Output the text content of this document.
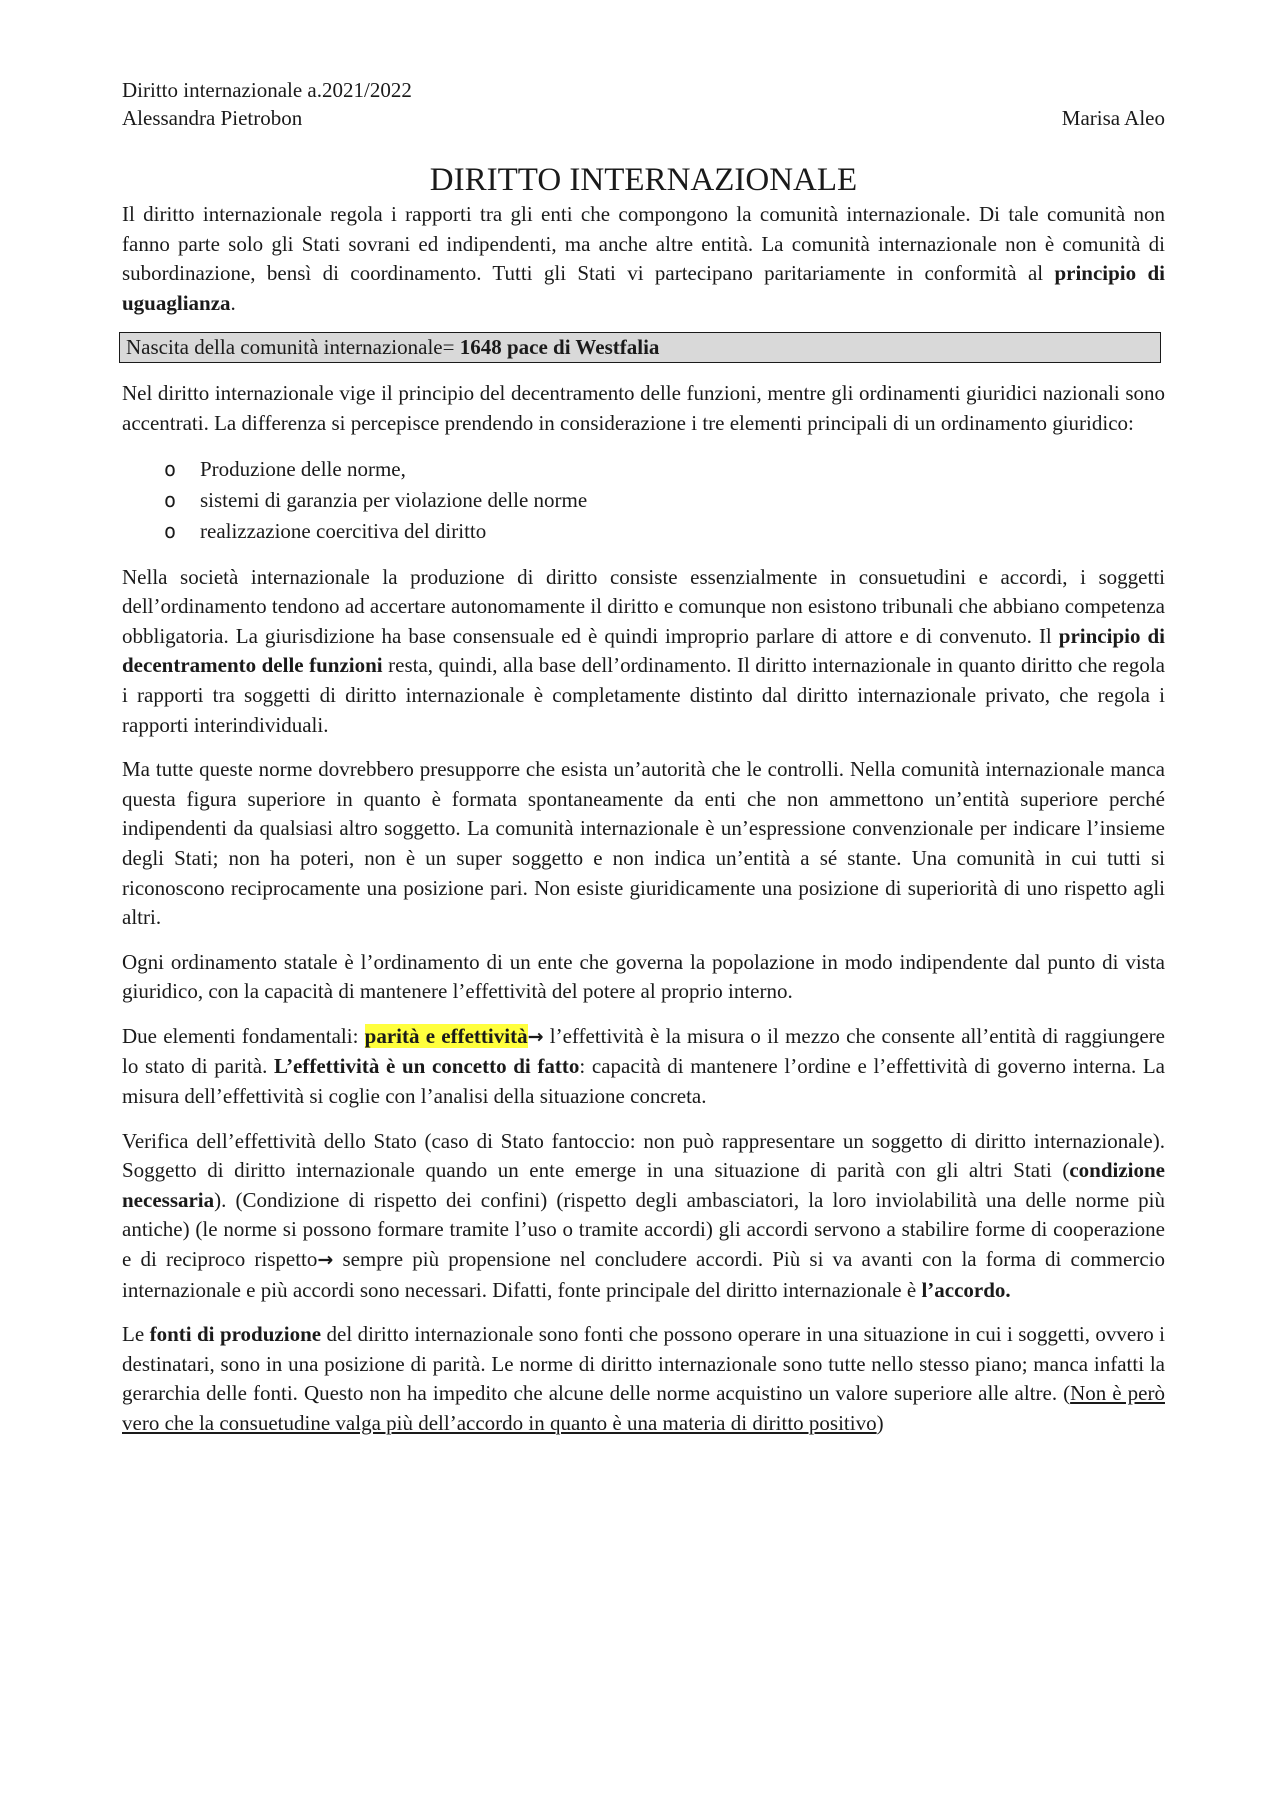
Diritto internazionale a.2021/2022
Alessandra Pietrobon	Marisa Aleo
DIRITTO INTERNAZIONALE

Il diritto internazionale regola i rapporti tra gli enti che compongono la comunità internazionale. Di tale comunità non fanno parte solo gli Stati sovrani ed indipendenti, ma anche altre entità. La comunità internazionale non è comunità di subordinazione, bensì di coordinamento. Tutti gli Stati vi partecipano paritariamente in conformità al principio di uguaglianza.

Nascita della comunità internazionale= 1648 pace di Westfalia

Nel diritto internazionale vige il principio del decentramento delle funzioni, mentre gli ordinamenti giuridici nazionali sono accentrati. La differenza si percepisce prendendo in considerazione i tre elementi principali di un ordinamento giuridico:

o Produzione delle norme,
o sistemi di garanzia per violazione delle norme
o realizzazione coercitiva del diritto

Nella società internazionale la produzione di diritto consiste essenzialmente in consuetudini e accordi, i soggetti dell’ordinamento tendono ad accertare autonomamente il diritto e comunque non esistono tribunali che abbiano competenza obbligatoria. La giurisdizione ha base consensuale ed è quindi improprio parlare di attore e di convenuto. Il principio di decentramento delle funzioni resta, quindi, alla base dell’ordinamento. Il diritto internazionale in quanto diritto che regola i rapporti tra soggetti di diritto internazionale è completamente distinto dal diritto internazionale privato, che regola i rapporti interindividuali.

Ma tutte queste norme dovrebbero presupporre che esista un’autorità che le controlli. Nella comunità internazionale manca questa figura superiore in quanto è formata spontaneamente da enti che non ammettono un’entità superiore perché indipendenti da qualsiasi altro soggetto. La comunità internazionale è un’espressione convenzionale per indicare l’insieme degli Stati; non ha poteri, non è un super soggetto e non indica un’entità a sé stante. Una comunità in cui tutti si riconoscono reciprocamente una posizione pari. Non esiste giuridicamente una posizione di superiorità di uno rispetto agli altri.

Ogni ordinamento statale è l’ordinamento di un ente che governa la popolazione in modo indipendente dal punto di vista giuridico, con la capacità di mantenere l’effettività del potere al proprio interno.

Due elementi fondamentali: parità e effettività→ l’effettività è la misura o il mezzo che consente all’entità di raggiungere lo stato di parità. L’effettività è un concetto di fatto: capacità di mantenere l’ordine e l’effettività di governo interna. La misura dell’effettività si coglie con l’analisi della situazione concreta.

Verifica dell’effettività dello Stato (caso di Stato fantoccio: non può rappresentare un soggetto di diritto internazionale). Soggetto di diritto internazionale quando un ente emerge in una situazione di parità con gli altri Stati (condizione necessaria). (Condizione di rispetto dei confini) (rispetto degli ambasciatori, la loro inviolabilità una delle norme più antiche) (le norme si possono formare tramite l’uso o tramite accordi) gli accordi servono a stabilire forme di cooperazione e di reciproco rispetto→ sempre più propensione nel concludere accordi. Più si va avanti con la forma di commercio internazionale e più accordi sono necessari. Difatti, fonte principale del diritto internazionale è l’accordo.

Le fonti di produzione del diritto internazionale sono fonti che possono operare in una situazione in cui i soggetti, ovvero i destinatari, sono in una posizione di parità. Le norme di diritto internazionale sono tutte nello stesso piano; manca infatti la gerarchia delle fonti. Questo non ha impedito che alcune delle norme acquistino un valore superiore alle altre. (Non è però vero che la consuetudine valga più dell’accordo in quanto è una materia di diritto positivo)
